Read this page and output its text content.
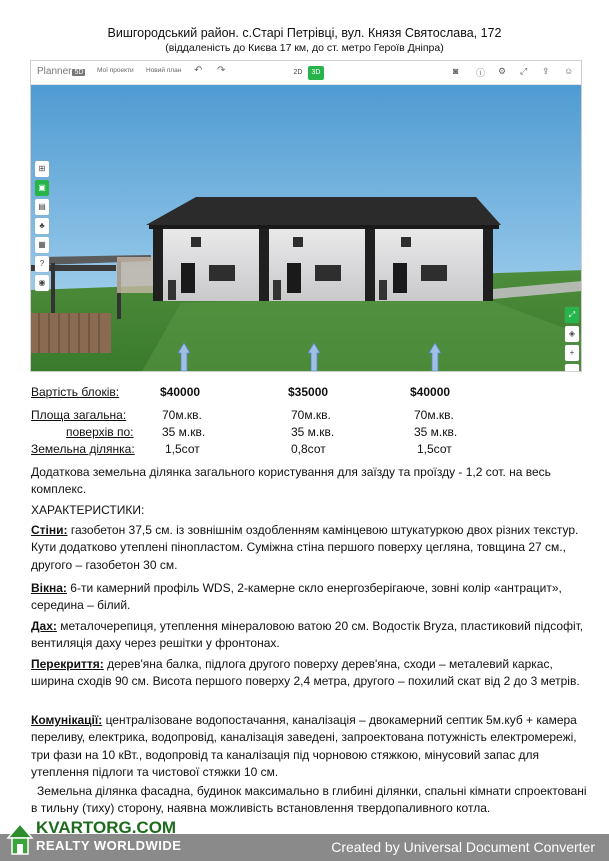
Вишгородський район. с.Старі Петрівці, вул. Князя Святослава, 172
(віддаленість до Києва 17 км, до ст. метро Героїв Дніпра)
Planner 5D	Мої проекти Новий план ↶ ↷	2D	3D	◙ ⓘ ⚙ ⤢ ⇪ ☺
⊞
▣
▤
♣
▦
?
◉
⤢
◈
+
−
Вартість блоків:	$40000	$35000	$40000
Площа загальна:	70м.кв.	70м.кв.	70м.кв.
поверхів по: 35 м.кв.	35 м.кв.	35 м.кв.
Земельна ділянка:	1,5сот	0,8сот	1,5сот
Додаткова земельна ділянка загального користування для заїзду та проїзду - 1,2 сот. на весь комплекс.
ХАРАКТЕРИСТИКИ:
Стіни: газобетон 37,5 см. із зовнішнім оздобленням камінцевою штукатуркою двох різних текстур. Кути додатково утеплені пінопластом. Суміжна стіна першого поверху цегляна, товщина 27 см., другого – газобетон 30 см.
Вікна: 6-ти камерний профіль WDS, 2-камерне скло енергозберігаюче, зовні колір «антрацит», середина – білий.
Дах: металочерепиця, утеплення мінераловою ватою 20 см. Водостік Bryza, пластиковий підсофіт, вентиляція даху через решітки у фронтонах.
Перекриття: дерев'яна балка, підлога другого поверху дерев'яна, сходи – металевий каркас, ширина сходів 90 см. Висота першого поверху 2,4 метра, другого – похилий скат від 2 до 3 метрів.
Комунікації: централізоване водопостачання, каналізація – двокамерний септик 5м.куб + камера переливу, електрика, водопровід, каналізація заведені, запроектована потужність електромережі, три фази на 10 кВт., водопровід та каналізація під чорновою стяжкою, мінусовий запас для утеплення підлоги та чистової стяжки 10 см.
Земельна ділянка фасадна, будинок максимально в глибині ділянки, спальні кімнати спроектовані в тильну (тиху) сторону, наявна можливість встановлення твердопаливного котла.
Created by Universal Document Converter
KVARTORG.COM
REALTY WORLDWIDE
